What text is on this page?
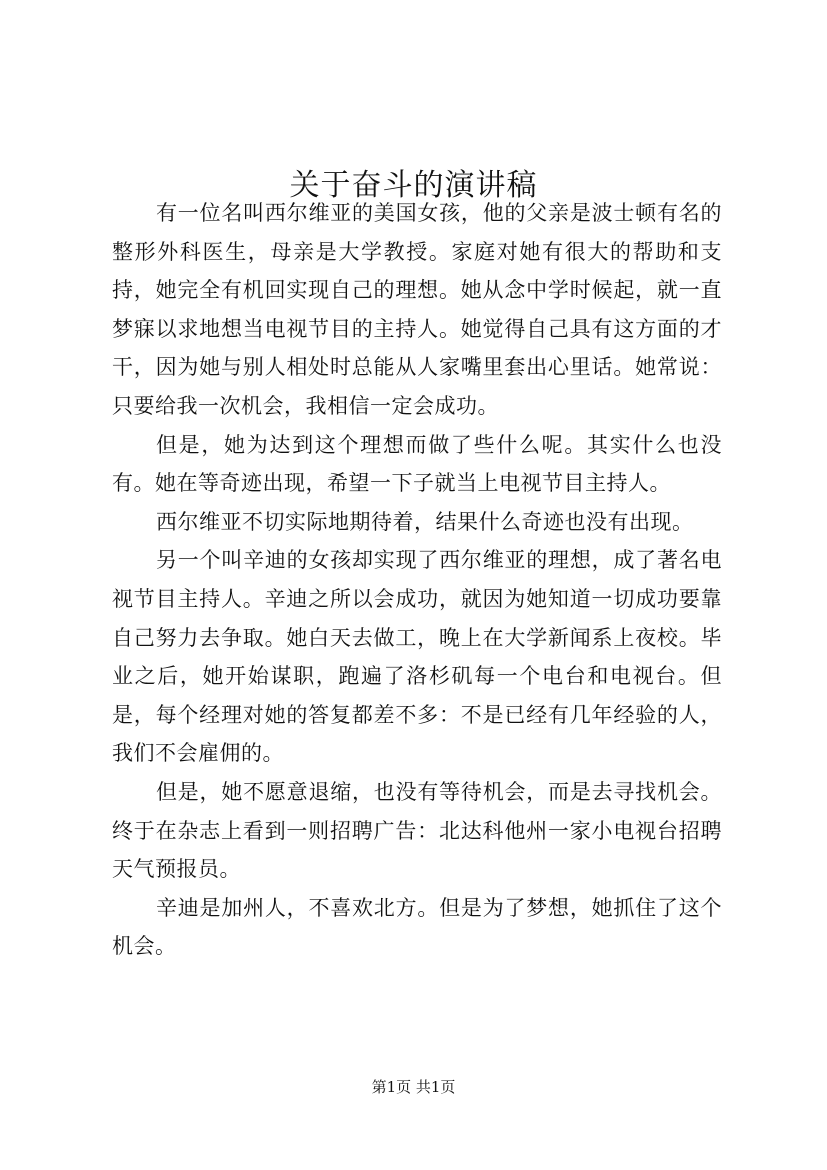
关于奋斗的演讲稿

有一位名叫西尔维亚的美国女孩，他的父亲是波士顿有名的整形外科医生，母亲是大学教授。家庭对她有很大的帮助和支持，她完全有机回实现自己的理想。她从念中学时候起，就一直梦寐以求地想当电视节目的主持人。她觉得自己具有这方面的才干，因为她与别人相处时总能从人家嘴里套出心里话。她常说：只要给我一次机会，我相信一定会成功。

但是，她为达到这个理想而做了些什么呢。其实什么也没有。她在等奇迹出现，希望一下子就当上电视节目主持人。

西尔维亚不切实际地期待着，结果什么奇迹也没有出现。

另一个叫辛迪的女孩却实现了西尔维亚的理想，成了著名电视节目主持人。辛迪之所以会成功，就因为她知道一切成功要靠自己努力去争取。她白天去做工，晚上在大学新闻系上夜校。毕业之后，她开始谋职，跑遍了洛杉矶每一个电台和电视台。但是，每个经理对她的答复都差不多：不是已经有几年经验的人，我们不会雇佣的。

但是，她不愿意退缩，也没有等待机会，而是去寻找机会。终于在杂志上看到一则招聘广告：北达科他州一家小电视台招聘天气预报员。

辛迪是加州人，不喜欢北方。但是为了梦想，她抓住了这个机会。

第1页 共1页
